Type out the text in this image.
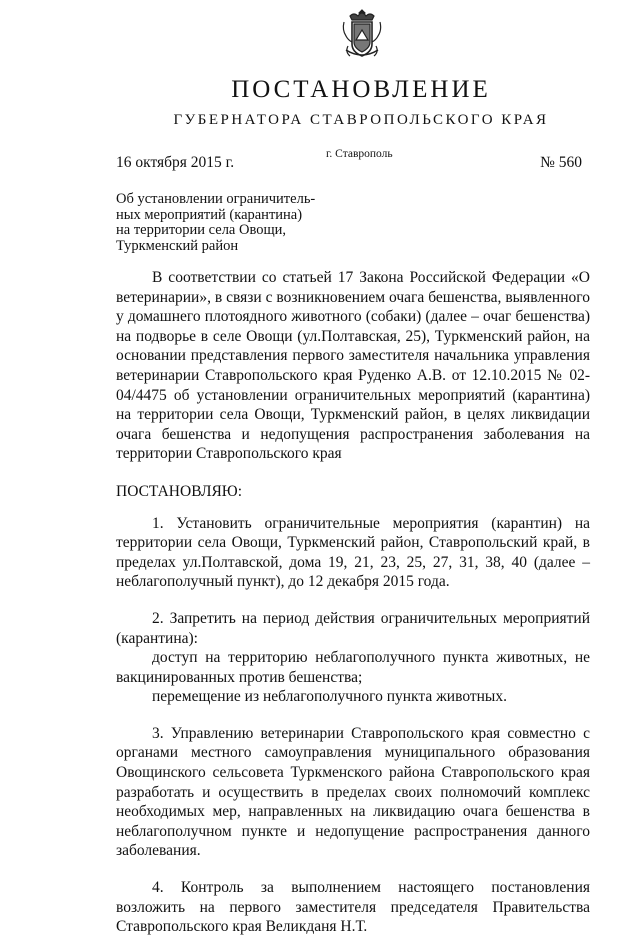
ПОСТАНОВЛЕНИЕ
ГУБЕРНАТОРА СТАВРОПОЛЬСКОГО КРАЯ
16 октября 2015 г.	г. Ставрополь	№ 560
Об установлении ограничитель-
ных мероприятий (карантина)
на территории села Овощи,
Туркменский район

В соответствии со статьей 17 Закона Российской Федерации «О ветеринарии», в связи с возникновением очага бешенства, выявленного у домашнего плотоядного животного (собаки) (далее – очаг бешенства) на подворье в селе Овощи (ул.Полтавская, 25), Туркменский район, на основании представления первого заместителя начальника управления ветеринарии Ставропольского края Руденко А.В. от 12.10.2015 № 02-04/4475 об установлении ограничительных мероприятий (карантина) на территории села Овощи, Туркменский район, в целях ликвидации очага бешенства и недопущения распространения заболевания на территории Ставропольского края

ПОСТАНОВЛЯЮ:

1. Установить ограничительные мероприятия (карантин) на территории села Овощи, Туркменский район, Ставропольский край, в пределах ул.Полтавской, дома 19, 21, 23, 25, 27, 31, 38, 40 (далее – неблагополучный пункт), до 12 декабря 2015 года.

2. Запретить на период действия ограничительных мероприятий (карантина):

доступ на территорию неблагополучного пункта животных, не вакцинированных против бешенства;

перемещение из неблагополучного пункта животных.

3. Управлению ветеринарии Ставропольского края совместно с органами местного самоуправления муниципального образования Овощинского сельсовета Туркменского района Ставропольского края разработать и осуществить в пределах своих полномочий комплекс необходимых мер, направленных на ликвидацию очага бешенства в неблагополучном пункте и недопущение распространения данного заболевания.

4. Контроль за выполнением настоящего постановления возложить на первого заместителя председателя Правительства Ставропольского края Великданя Н.Т.
